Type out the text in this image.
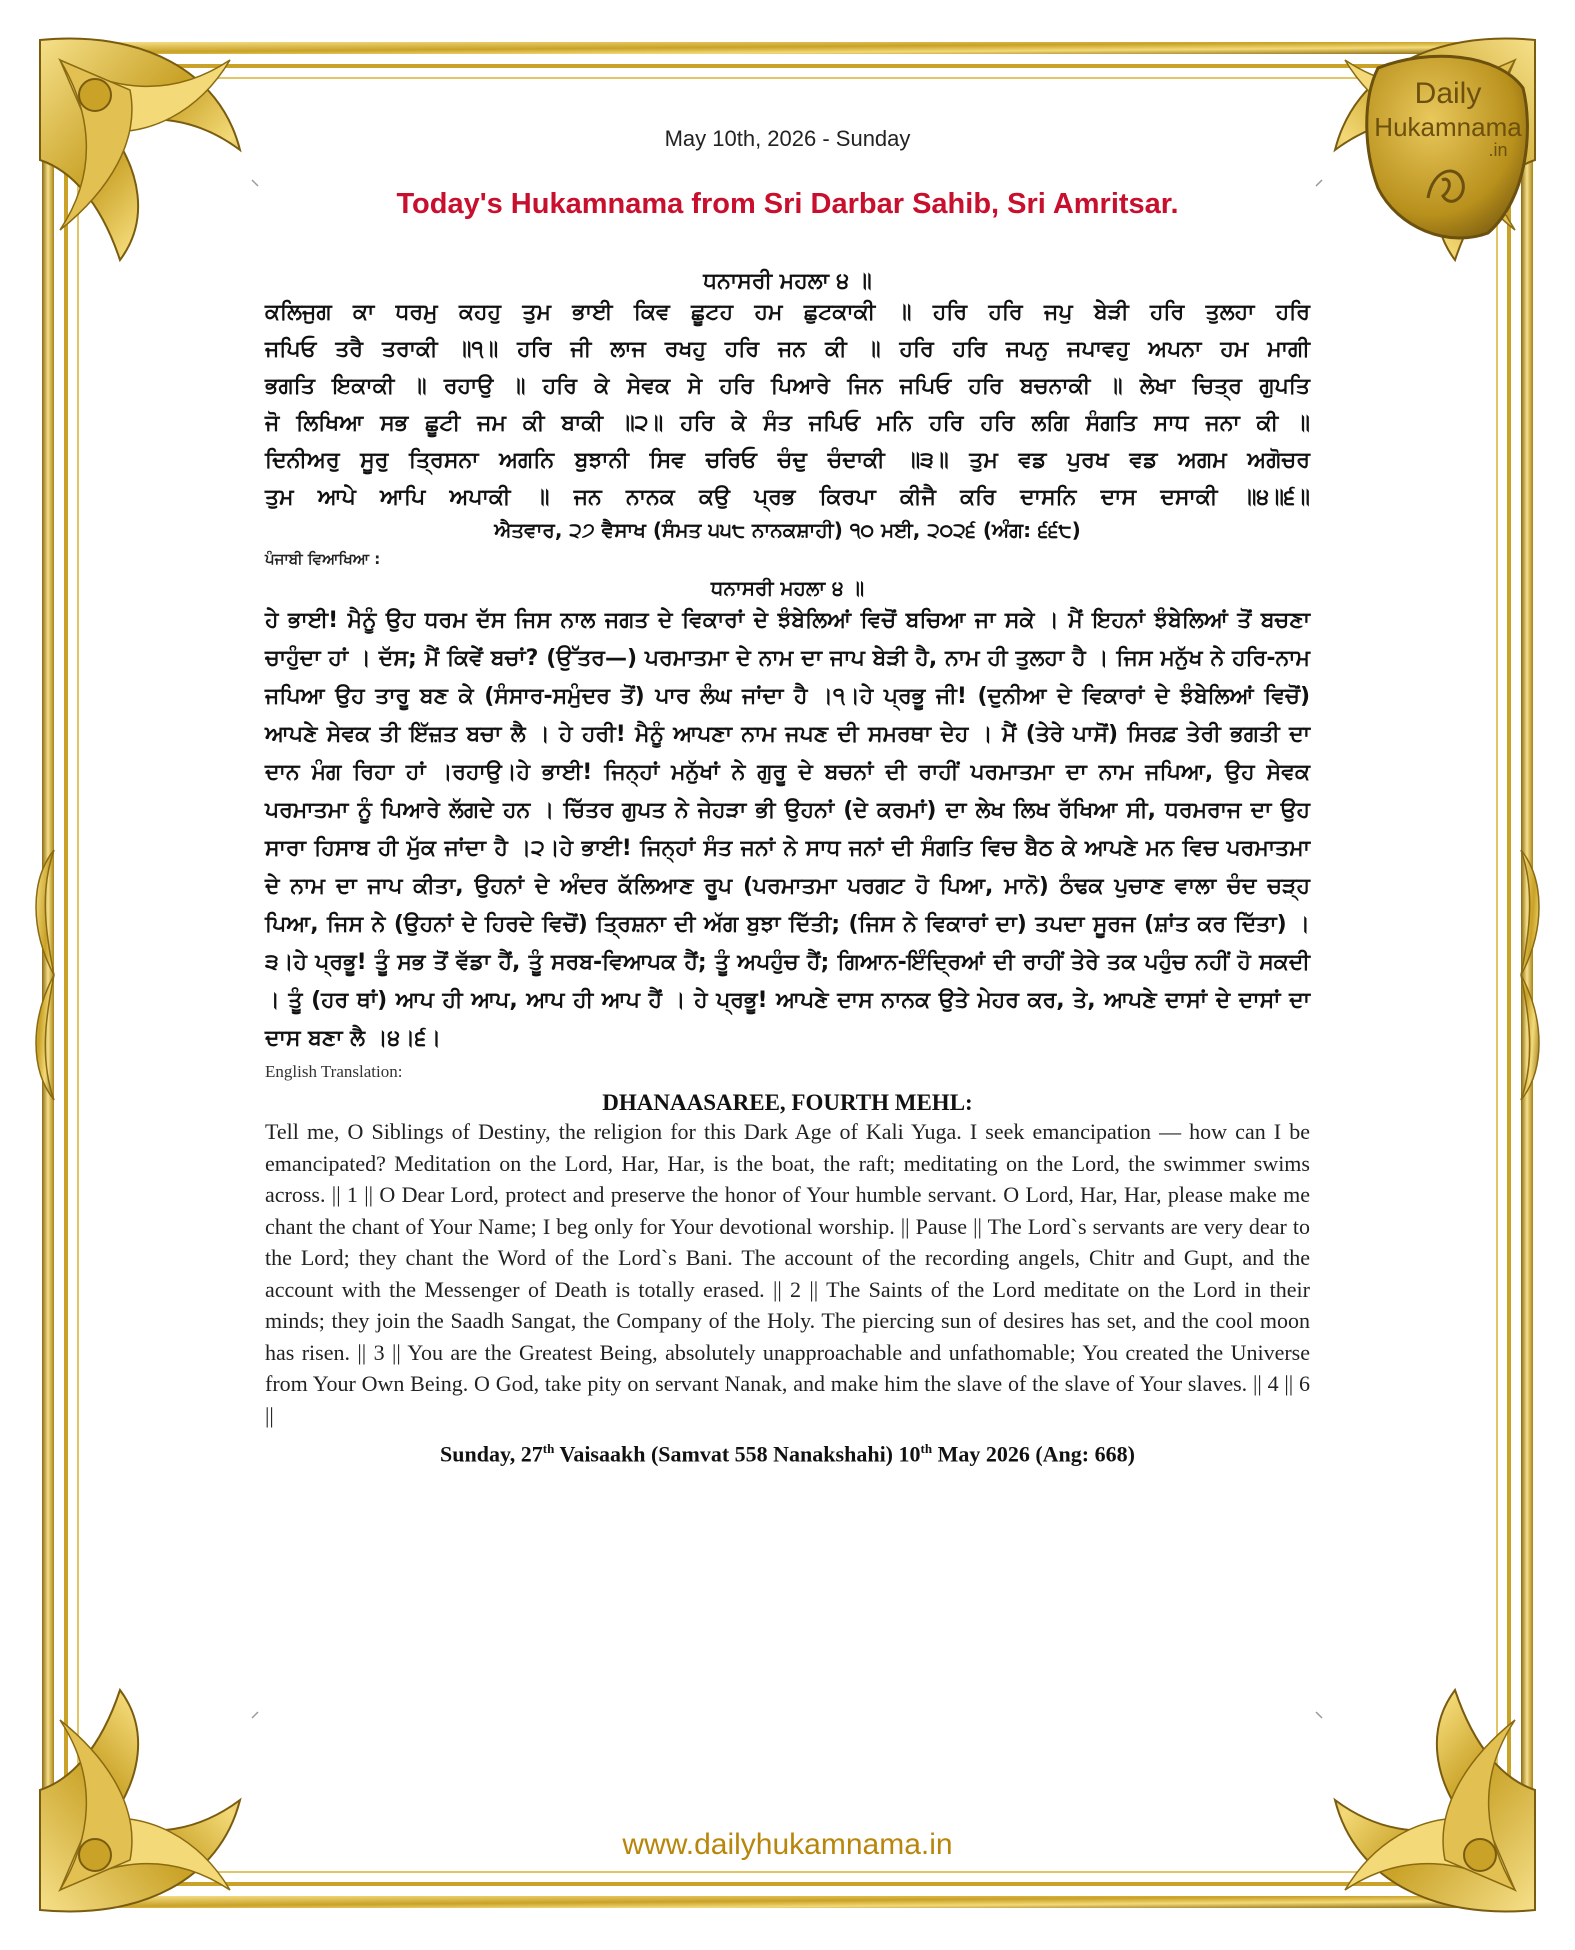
Daily
Hukamnama
.in
May 10th, 2026 - Sunday
Today's Hukamnama from Sri Darbar Sahib, Sri Amritsar.
ਧਨਾਸਰੀ ਮਹਲਾ ੪ ॥
ਕਲਿਜੁਗ ਕਾ ਧਰਮੁ ਕਹਹੁ ਤੁਮ ਭਾਈ ਕਿਵ ਛੂਟਹ ਹਮ ਛੁਟਕਾਕੀ ॥ ਹਰਿ ਹਰਿ ਜਪੁ ਬੇੜੀ ਹਰਿ ਤੁਲਹਾ ਹਰਿ
ਜਪਿਓ ਤਰੈ ਤਰਾਕੀ ॥੧॥ ਹਰਿ ਜੀ ਲਾਜ ਰਖਹੁ ਹਰਿ ਜਨ ਕੀ ॥ ਹਰਿ ਹਰਿ ਜਪਨੁ ਜਪਾਵਹੁ ਅਪਨਾ ਹਮ ਮਾਗੀ
ਭਗਤਿ ਇਕਾਕੀ ॥ ਰਹਾਉ ॥ ਹਰਿ ਕੇ ਸੇਵਕ ਸੇ ਹਰਿ ਪਿਆਰੇ ਜਿਨ ਜਪਿਓ ਹਰਿ ਬਚਨਾਕੀ ॥ ਲੇਖਾ ਚਿਤ੍ਰ ਗੁਪਤਿ
ਜੋ ਲਿਖਿਆ ਸਭ ਛੂਟੀ ਜਮ ਕੀ ਬਾਕੀ ॥੨॥ ਹਰਿ ਕੇ ਸੰਤ ਜਪਿਓ ਮਨਿ ਹਰਿ ਹਰਿ ਲਗਿ ਸੰਗਤਿ ਸਾਧ ਜਨਾ ਕੀ ॥
ਦਿਨੀਅਰੁ ਸੂਰੁ ਤ੍ਰਿਸਨਾ ਅਗਨਿ ਬੁਝਾਨੀ ਸਿਵ ਚਰਿਓ ਚੰਦੁ ਚੰਦਾਕੀ ॥੩॥ ਤੁਮ ਵਡ ਪੁਰਖ ਵਡ ਅਗਮ ਅਗੋਚਰ
ਤੁਮ ਆਪੇ ਆਪਿ ਅਪਾਕੀ ॥ ਜਨ ਨਾਨਕ ਕਉ ਪ੍ਰਭ ਕਿਰਪਾ ਕੀਜੈ ਕਰਿ ਦਾਸਨਿ ਦਾਸ ਦਸਾਕੀ ॥੪॥੬॥
ਐਤਵਾਰ, ੨੭ ਵੈਸਾਖ (ਸੰਮਤ ੫੫੮ ਨਾਨਕਸ਼ਾਹੀ) ੧੦ ਮਈ, ੨੦੨੬ (ਅੰਗ: ੬੬੮)
ਪੰਜਾਬੀ ਵਿਆਖਿਆ :
ਧਨਾਸਰੀ ਮਹਲਾ ੪ ॥
ਹੇ ਭਾਈ! ਮੈਨੂੰ ਉਹ ਧਰਮ ਦੱਸ ਜਿਸ ਨਾਲ ਜਗਤ ਦੇ ਵਿਕਾਰਾਂ ਦੇ ਝੰਬੇਲਿਆਂ ਵਿਚੋਂ ਬਚਿਆ ਜਾ ਸਕੇ । ਮੈਂ ਇਹਨਾਂ ਝੰਬੇਲਿਆਂ ਤੋਂ ਬਚਣਾ ਚਾਹੁੰਦਾ ਹਾਂ । ਦੱਸ; ਮੈਂ ਕਿਵੇਂ ਬਚਾਂ? (ਉੱਤਰ—) ਪਰਮਾਤਮਾ ਦੇ ਨਾਮ ਦਾ ਜਾਪ ਬੇੜੀ ਹੈ, ਨਾਮ ਹੀ ਤੁਲਹਾ ਹੈ । ਜਿਸ ਮਨੁੱਖ ਨੇ ਹਰਿ-ਨਾਮ ਜਪਿਆ ਉਹ ਤਾਰੂ ਬਣ ਕੇ (ਸੰਸਾਰ-ਸਮੁੰਦਰ ਤੋਂ) ਪਾਰ ਲੰਘ ਜਾਂਦਾ ਹੈ ।੧।ਹੇ ਪ੍ਰਭੂ ਜੀ! (ਦੁਨੀਆ ਦੇ ਵਿਕਾਰਾਂ ਦੇ ਝੰਬੇਲਿਆਂ ਵਿਚੋਂ) ਆਪਣੇ ਸੇਵਕ ਤੀ ਇੱਜ਼ਤ ਬਚਾ ਲੈ । ਹੇ ਹਰੀ! ਮੈਨੂੰ ਆਪਣਾ ਨਾਮ ਜਪਣ ਦੀ ਸਮਰਥਾ ਦੇਹ । ਮੈਂ (ਤੇਰੇ ਪਾਸੋਂ) ਸਿਰਫ਼ ਤੇਰੀ ਭਗਤੀ ਦਾ ਦਾਨ ਮੰਗ ਰਿਹਾ ਹਾਂ ।ਰਹਾਉ।ਹੇ ਭਾਈ! ਜਿਨ੍ਹਾਂ ਮਨੁੱਖਾਂ ਨੇ ਗੁਰੂ ਦੇ ਬਚਨਾਂ ਦੀ ਰਾਹੀਂ ਪਰਮਾਤਮਾ ਦਾ ਨਾਮ ਜਪਿਆ, ਉਹ ਸੇਵਕ ਪਰਮਾਤਮਾ ਨੂੰ ਪਿਆਰੇ ਲੱਗਦੇ ਹਨ । ਚਿੱਤਰ ਗੁਪਤ ਨੇ ਜੇਹੜਾ ਭੀ ਉਹਨਾਂ (ਦੇ ਕਰਮਾਂ) ਦਾ ਲੇਖ ਲਿਖ ਰੱਖਿਆ ਸੀ, ਧਰਮਰਾਜ ਦਾ ਉਹ ਸਾਰਾ ਹਿਸਾਬ ਹੀ ਮੁੱਕ ਜਾਂਦਾ ਹੈ ।੨।ਹੇ ਭਾਈ! ਜਿਨ੍ਹਾਂ ਸੰਤ ਜਨਾਂ ਨੇ ਸਾਧ ਜਨਾਂ ਦੀ ਸੰਗਤਿ ਵਿਚ ਬੈਠ ਕੇ ਆਪਣੇ ਮਨ ਵਿਚ ਪਰਮਾਤਮਾ ਦੇ ਨਾਮ ਦਾ ਜਾਪ ਕੀਤਾ, ਉਹਨਾਂ ਦੇ ਅੰਦਰ ਕੱਲਿਆਣ ਰੂਪ (ਪਰਮਾਤਮਾ ਪਰਗਟ ਹੋ ਪਿਆ, ਮਾਨੋ) ਠੰਢਕ ਪੁਚਾਣ ਵਾਲਾ ਚੰਦ ਚੜ੍ਹ ਪਿਆ, ਜਿਸ ਨੇ (ਉਹਨਾਂ ਦੇ ਹਿਰਦੇ ਵਿਚੋਂ) ਤ੍ਰਿਸ਼ਨਾ ਦੀ ਅੱਗ ਬੁਝਾ ਦਿੱਤੀ; (ਜਿਸ ਨੇ ਵਿਕਾਰਾਂ ਦਾ) ਤਪਦਾ ਸੂਰਜ (ਸ਼ਾਂਤ ਕਰ ਦਿੱਤਾ) ।੩।ਹੇ ਪ੍ਰਭੂ! ਤੂੰ ਸਭ ਤੋਂ ਵੱਡਾ ਹੈਂ, ਤੂੰ ਸਰਬ-ਵਿਆਪਕ ਹੈਂ; ਤੂੰ ਅਪਹੁੰਚ ਹੈਂ; ਗਿਆਨ-ਇੰਦ੍ਰਿਆਂ ਦੀ ਰਾਹੀਂ ਤੇਰੇ ਤਕ ਪਹੁੰਚ ਨਹੀਂ ਹੋ ਸਕਦੀ । ਤੂੰ (ਹਰ ਥਾਂ) ਆਪ ਹੀ ਆਪ, ਆਪ ਹੀ ਆਪ ਹੈਂ । ਹੇ ਪ੍ਰਭੂ! ਆਪਣੇ ਦਾਸ ਨਾਨਕ ਉਤੇ ਮੇਹਰ ਕਰ, ਤੇ, ਆਪਣੇ ਦਾਸਾਂ ਦੇ ਦਾਸਾਂ ਦਾ ਦਾਸ ਬਣਾ ਲੈ ।੪।੬।
English Translation:
DHANAASAREE, FOURTH MEHL:
Tell me, O Siblings of Destiny, the religion for this Dark Age of Kali Yuga. I seek emancipation — how can I be emancipated? Meditation on the Lord, Har, Har, is the boat, the raft; meditating on the Lord, the swimmer swims across. || 1 || O Dear Lord, protect and preserve the honor of Your humble servant. O Lord, Har, Har, please make me chant the chant of Your Name; I beg only for Your devotional worship. || Pause || The Lord`s servants are very dear to the Lord; they chant the Word of the Lord`s Bani. The account of the recording angels, Chitr and Gupt, and the account with the Messenger of Death is totally erased. || 2 || The Saints of the Lord meditate on the Lord in their minds; they join the Saadh Sangat, the Company of the Holy. The piercing sun of desires has set, and the cool moon has risen. || 3 || You are the Greatest Being, absolutely unapproachable and unfathomable; You created the Universe from Your Own Being. O God, take pity on servant Nanak, and make him the slave of the slave of Your slaves. || 4 || 6 ||
Sunday, 27th Vaisaakh (Samvat 558 Nanakshahi) 10th May 2026 (Ang: 668)
www.dailyhukamnama.in
